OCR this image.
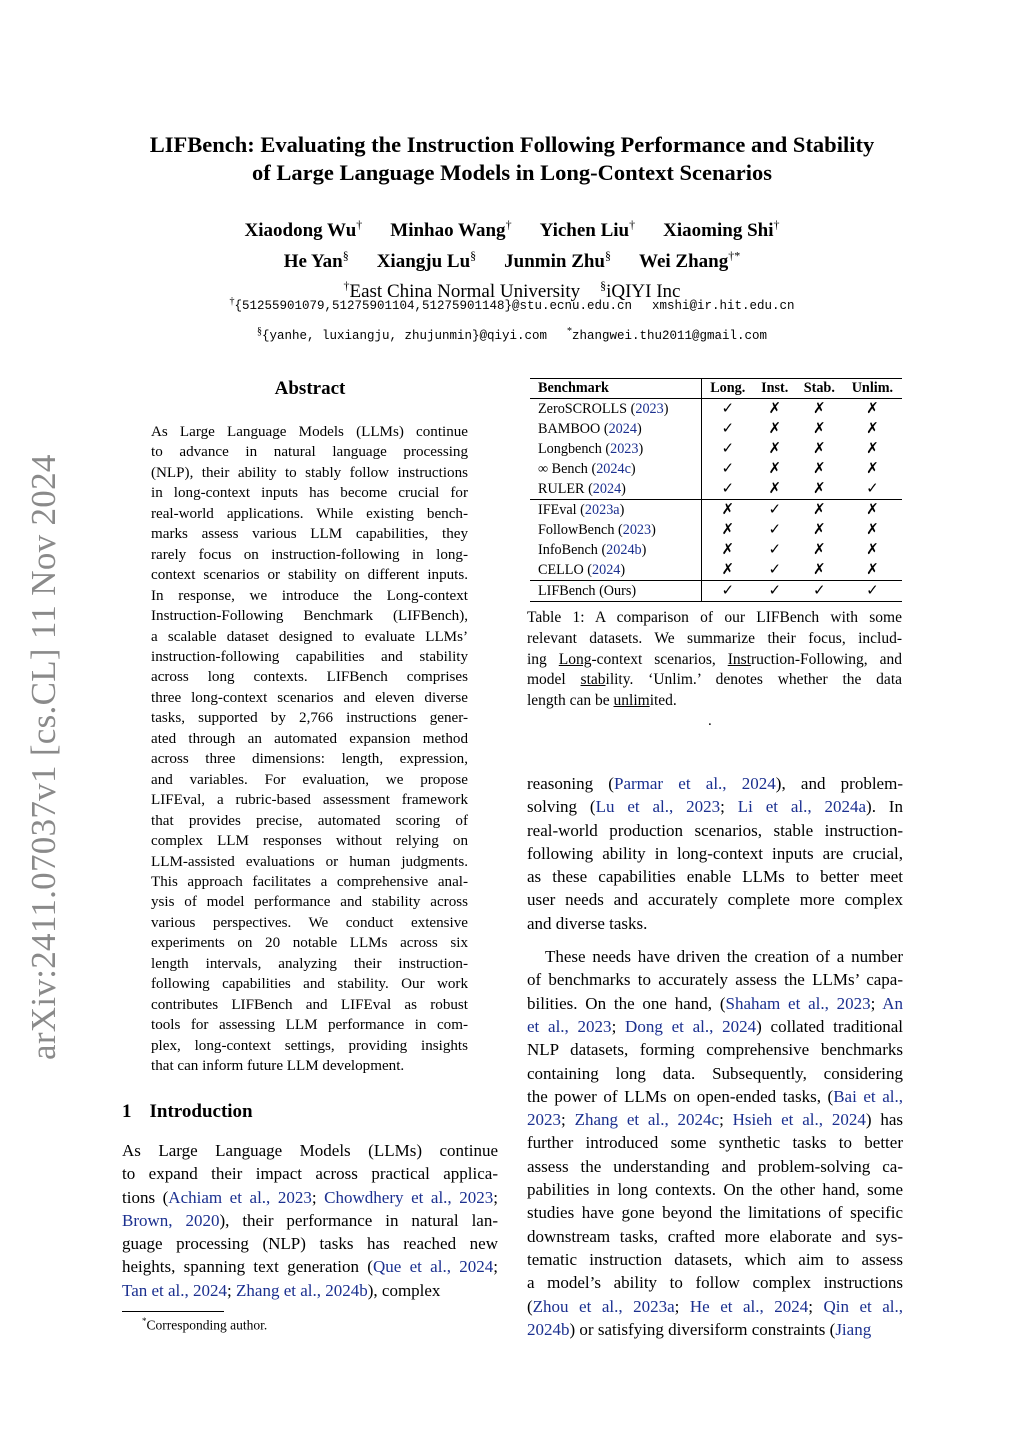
arXiv:2411.07037v1 [cs.CL] 11 Nov 2024
LIFBench: Evaluating the Instruction Following Performance and Stability
of Large Language Models in Long-Context Scenarios
Xiaodong Wu† Minhao Wang† Yichen Liu† Xiaoming Shi†
He Yan§ Xiangju Lu§ Junmin Zhu§ Wei Zhang†*
†East China Normal University §iQIYI Inc
†{51255901079,51275901104,51275901148}@stu.ecnu.edu.cn xmshi@ir.hit.edu.cn
§{yanhe, luxiangju, zhujunmin}@qiyi.com *zhangwei.thu2011@gmail.com
Abstract
As Large Language Models (LLMs) continue
to advance in natural language processing
(NLP), their ability to stably follow instructions
in long-context inputs has become crucial for
real-world applications. While existing bench-
marks assess various LLM capabilities, they
rarely focus on instruction-following in long-
context scenarios or stability on different inputs.
In response, we introduce the Long-context
Instruction-Following Benchmark (LIFBench),
a scalable dataset designed to evaluate LLMs’
instruction-following capabilities and stability
across long contexts. LIFBench comprises
three long-context scenarios and eleven diverse
tasks, supported by 2,766 instructions gener-
ated through an automated expansion method
across three dimensions: length, expression,
and variables. For evaluation, we propose
LIFEval, a rubric-based assessment framework
that provides precise, automated scoring of
complex LLM responses without relying on
LLM-assisted evaluations or human judgments.
This approach facilitates a comprehensive anal-
ysis of model performance and stability across
various perspectives. We conduct extensive
experiments on 20 notable LLMs across six
length intervals, analyzing their instruction-
following capabilities and stability. Our work
contributes LIFBench and LIFEval as robust
tools for assessing LLM performance in com-
plex, long-context settings, providing insights
that can inform future LLM development.
1 Introduction
As Large Language Models (LLMs) continue
to expand their impact across practical applica-
tions (Achiam et al., 2023; Chowdhery et al., 2023;
Brown, 2020), their performance in natural lan-
guage processing (NLP) tasks has reached new
heights, spanning text generation (Que et al., 2024;
Tan et al., 2024; Zhang et al., 2024b), complex
*Corresponding author.
Benchmark	Long.	Inst.	Stab.	Unlim.
ZeroSCROLLS (2023)	✓	✗	✗	✗
BAMBOO (2024)	✓	✗	✗	✗
Longbench (2023)	✓	✗	✗	✗
∞ Bench (2024c)	✓	✗	✗	✗
RULER (2024)	✓	✗	✗	✓
IFEval (2023a)	✗	✓	✗	✗
FollowBench (2023)	✗	✓	✗	✗
InfoBench (2024b)	✗	✓	✗	✗
CELLO (2024)	✗	✓	✗	✗
LIFBench (Ours)	✓	✓	✓	✓
Table 1: A comparison of our LIFBench with some
relevant datasets. We summarize their focus, includ-
ing Long-context scenarios, Instruction-Following, and
model stability. ‘Unlim.’ denotes whether the data
length can be unlimited.
.
reasoning (Parmar et al., 2024), and problem-
solving (Lu et al., 2023; Li et al., 2024a). In
real-world production scenarios, stable instruction-
following ability in long-context inputs are crucial,
as these capabilities enable LLMs to better meet
user needs and accurately complete more complex
and diverse tasks.
These needs have driven the creation of a number
of benchmarks to accurately assess the LLMs’ capa-
bilities. On the one hand, (Shaham et al., 2023; An
et al., 2023; Dong et al., 2024) collated traditional
NLP datasets, forming comprehensive benchmarks
containing long data. Subsequently, considering
the power of LLMs on open-ended tasks, (Bai et al.,
2023; Zhang et al., 2024c; Hsieh et al., 2024) has
further introduced some synthetic tasks to better
assess the understanding and problem-solving ca-
pabilities in long contexts. On the other hand, some
studies have gone beyond the limitations of specific
downstream tasks, crafted more elaborate and sys-
tematic instruction datasets, which aim to assess
a model’s ability to follow complex instructions
(Zhou et al., 2023a; He et al., 2024; Qin et al.,
2024b) or satisfying diversiform constraints (Jiang
